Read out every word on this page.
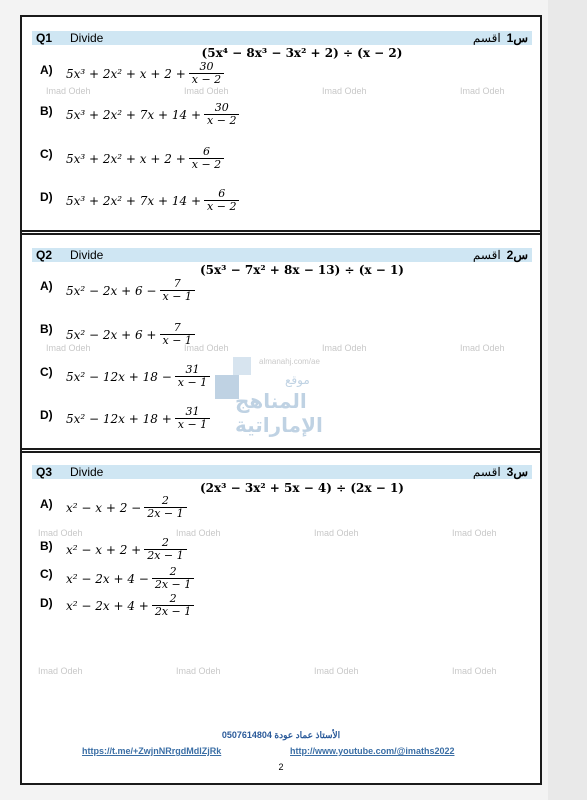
Q1 Divide	س1اقسم
(5x⁴ − 8x³ − 3x² + 2) ÷ (x − 2)
A) $5x^3 + 2x^2 + x + 2 + \frac{30}{x - 2}$
B) $5x^3 + 2x^2 + 7x + 14 + \frac{30}{x - 2}$
C) $5x^3 + 2x^2 + x + 2 + \frac{6}{x - 2}$
D) $5x^3 + 2x^2 + 7x + 14 + \frac{6}{x - 2}$
Imad Odeh	Imad Odeh	Imad Odeh	Imad Odeh
Q2 Divide	س2اقسم
(5x³ − 7x² + 8x − 13) ÷ (x − 1)
A) $5x^2 - 2x + 6 - \frac{7}{x - 1}$
B) $5x^2 - 2x + 6 + \frac{7}{x - 1}$
C) $5x^2 - 12x + 18 - \frac{31}{x - 1}$
D) $5x^2 - 12x + 18 + \frac{31}{x - 1}$
Imad Odeh	Imad Odeh	Imad Odeh	Imad Odeh
Q3 Divide	س3اقسم
(2x³ − 3x² + 5x − 4) ÷ (2x − 1)
A) $x^2 - x + 2 - \frac{2}{2x - 1}$
B) $x^2 - x + 2 + \frac{2}{2x - 1}$
C) $x^2 - 2x + 4 - \frac{2}{2x - 1}$
D) $x^2 - 2x + 4 + \frac{2}{2x - 1}$
Imad Odeh	Imad Odeh	Imad Odeh	Imad Odeh
Imad Odeh	Imad Odeh	Imad Odeh	Imad Odeh
0507614804 الأستاذ عماد عودة
https://t.me/+ZwjnNRrgdMdlZjRk	http://www.youtube.com/@imaths2022
2
almanahj.com/ae
موقع
المناهج الإماراتية
